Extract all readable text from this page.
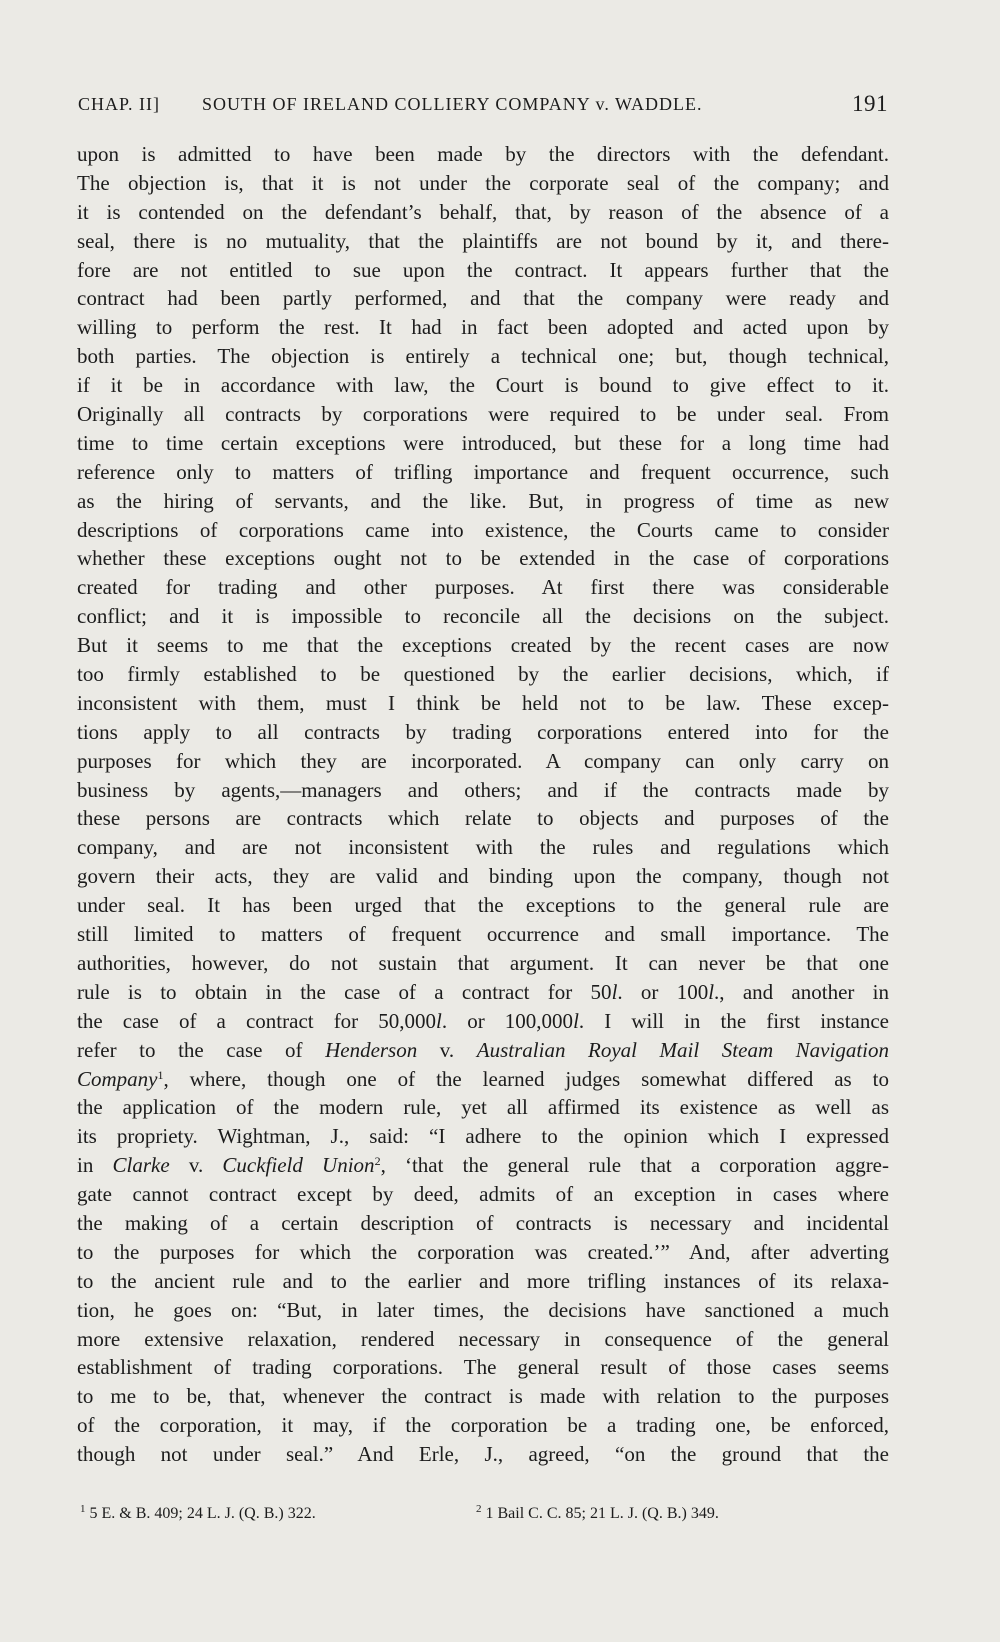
CHAP. II] SOUTH OF IRELAND COLLIERY COMPANY v. WADDLE.	191
upon is admitted to have been made by the directors with the defendant.
The objection is, that it is not under the corporate seal of the company; and
it is contended on the defendant’s behalf, that, by reason of the absence of a
seal, there is no mutuality, that the plaintiffs are not bound by it, and there-
fore are not entitled to sue upon the contract. It appears further that the
contract had been partly performed, and that the company were ready and
willing to perform the rest. It had in fact been adopted and acted upon by
both parties. The objection is entirely a technical one; but, though technical,
if it be in accordance with law, the Court is bound to give effect to it.
Originally all contracts by corporations were required to be under seal. From
time to time certain exceptions were introduced, but these for a long time had
reference only to matters of trifling importance and frequent occurrence, such
as the hiring of servants, and the like. But, in progress of time as new
descriptions of corporations came into existence, the Courts came to consider
whether these exceptions ought not to be extended in the case of corporations
created for trading and other purposes. At first there was considerable
conflict; and it is impossible to reconcile all the decisions on the subject.
But it seems to me that the exceptions created by the recent cases are now
too firmly established to be questioned by the earlier decisions, which, if
inconsistent with them, must I think be held not to be law. These excep-
tions apply to all contracts by trading corporations entered into for the
purposes for which they are incorporated. A company can only carry on
business by agents,—managers and others; and if the contracts made by
these persons are contracts which relate to objects and purposes of the
company, and are not inconsistent with the rules and regulations which
govern their acts, they are valid and binding upon the company, though not
under seal. It has been urged that the exceptions to the general rule are
still limited to matters of frequent occurrence and small importance. The
authorities, however, do not sustain that argument. It can never be that one
rule is to obtain in the case of a contract for 50l. or 100l., and another in
the case of a contract for 50,000l. or 100,000l. I will in the first instance
refer to the case of Henderson v. Australian Royal Mail Steam Navigation
Company$^1$, where, though one of the learned judges somewhat differed as to
the application of the modern rule, yet all affirmed its existence as well as
its propriety. Wightman, J., said: “I adhere to the opinion which I expressed
in Clarke v. Cuckfield Union$^2$, ‘that the general rule that a corporation aggre-
gate cannot contract except by deed, admits of an exception in cases where
the making of a certain description of contracts is necessary and incidental
to the purposes for which the corporation was created.’” And, after adverting
to the ancient rule and to the earlier and more trifling instances of its relaxa-
tion, he goes on: “But, in later times, the decisions have sanctioned a much
more extensive relaxation, rendered necessary in consequence of the general
establishment of trading corporations. The general result of those cases seems
to me to be, that, whenever the contract is made with relation to the purposes
of the corporation, it may, if the corporation be a trading one, be enforced,
though not under seal.” And Erle, J., agreed, “on the ground that the
$^1$ 5 E. & B. 409; 24 L. J. (Q. B.) 322.	$^2$ 1 Bail C. C. 85; 21 L. J. (Q. B.) 349.
